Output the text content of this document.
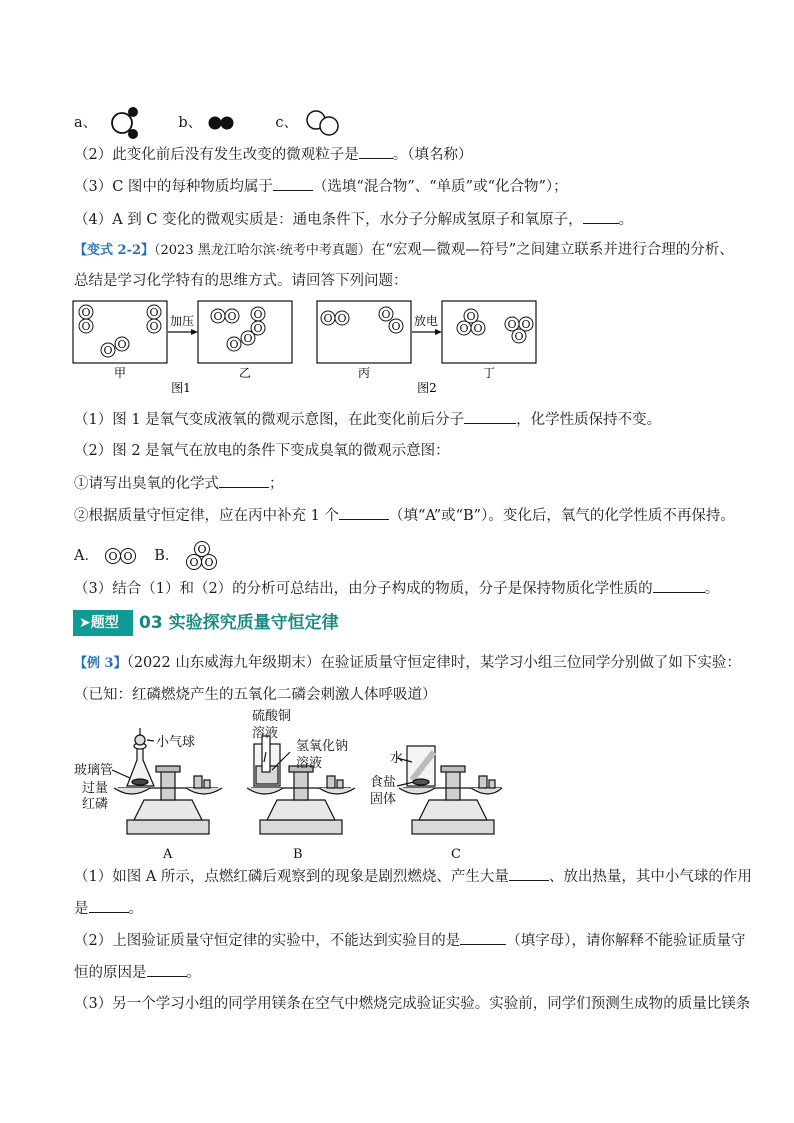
a、	b、	c、
（2）此变化前后没有发生改变的微观粒子是 。（填名称）
（3）C 图中的每种物质均属于	（选填“混合物”、“单质”或“化合物”）；
（4）A 到 C 变化的微观实质是：通电条件下，水分子分解成氢原子和氧原子， 。
【变式 2-2】（2023 黑龙江哈尔滨·统考中考真题）在“宏观—微观—符号”之间建立联系并进行合理的分析、
总结是学习化学特有的思维方式。请回答下列问题：
加压	放电
O
O
O
O
O O
O O O
O
O O
O O	O
O	O O
O
O O
O
甲	乙	丙	丁
图1	图2
（1）图 1 是氧气变成液氧的微观示意图，在此变化前后分子	，化学性质保持不变。
（2）图 2 是氧气在放电的条件下变成臭氧的微观示意图：
①请写出臭氧的化学式	；
②根据质量守恒定律，应在丙中补充 1 个	（填“A”或“B”）。变化后，氧气的化学性质不再保持。
A． O O B． O
O O
（3）结合（1）和（2）的分析可总结出，由分子构成的物质，分子是保持物质化学性质的	。
➤题型	03 实验探究质量守恒定律
【例 3】（2022 山东威海九年级期末）在验证质量守恒定律时，某学习小组三位同学分别做了如下实验：
（已知：红磷燃烧产生的五氧化二磷会刺激人体呼吸道）
小气球
玻璃管
过量
红磷
硫酸铜
溶液
氢氧化钠
溶液	水
食盐
固体
A	B	C
（1）如图 A 所示，点燃红磷后观察到的现象是剧烈燃烧、产生大量	、放出热量，其中小气球的作用
是	。
（2）上图验证质量守恒定律的实验中，不能达到实验目的是	（填字母），请你解释不能验证质量守
恒的原因是	。
（3）另一个学习小组的同学用镁条在空气中燃烧完成验证实验。实验前，同学们预测生成物的质量比镁条
